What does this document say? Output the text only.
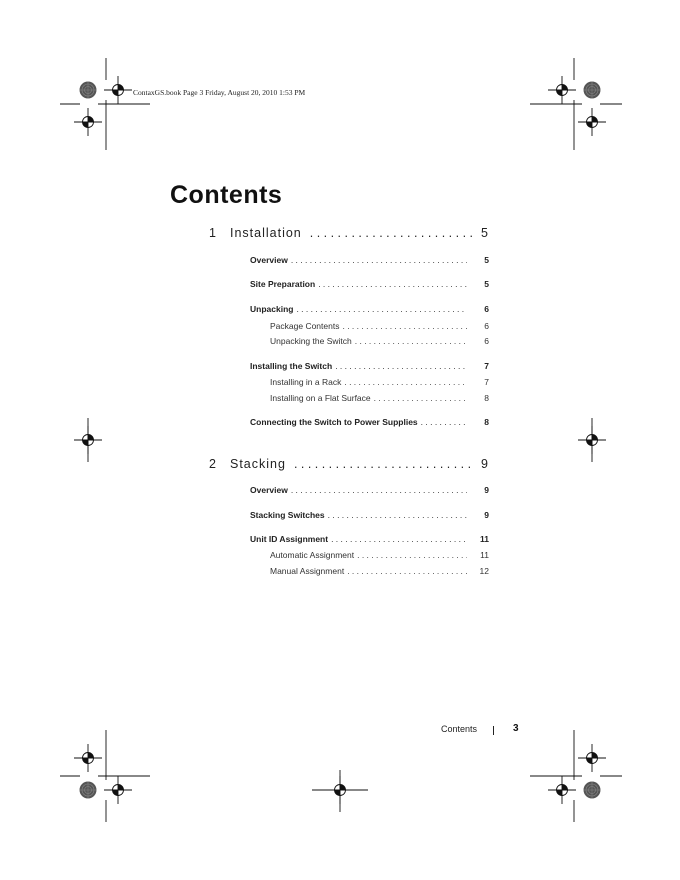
ContaxGS.book Page 3 Friday, August 20, 2010 1:53 PM
Contents
1	Installation . . .	5
Overview . . .	5
Site Preparation . . .	5
Unpacking . . .	6
Package Contents . . .	6
Unpacking the Switch . . .	6
Installing the Switch . . .	7
Installing in a Rack . . .	7
Installing on a Flat Surface . . .	8
Connecting the Switch to Power Supplies . . .	8
2	Stacking . . .	9
Overview . . .	9
Stacking Switches . . .	9
Unit ID Assignment . . .	11
Automatic Assignment . . .	11
Manual Assignment . . .	12
Contents	3
